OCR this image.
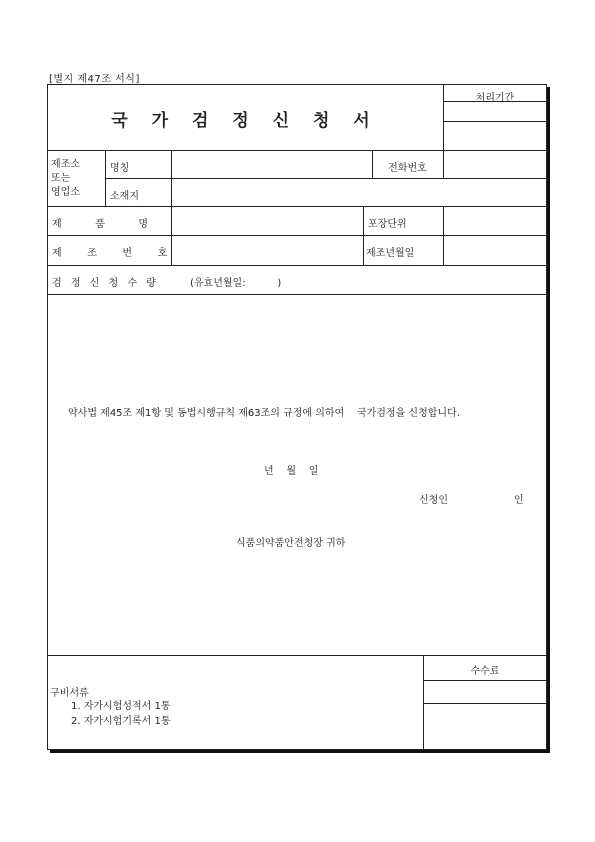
[별지 제47조 서식]
국 가 검 정 신 청 서
처리기간
제조소
또는
영업소
명칭	전화번호
소재지
제   품   명	포장단위
제   조   번   호	제조년월일
검 정 신 청 수 량	(유효년월일:          )
약사법 제45조 제1항 및 동법시행규칙 제63조의 규정에 의하여    국가검정을 신청합니다.
년    월    일
신청인	인
식품의약품안전청장 귀하
구비서류
1. 자가시험성적서 1통
2. 자가시험기록서 1통
수수료
